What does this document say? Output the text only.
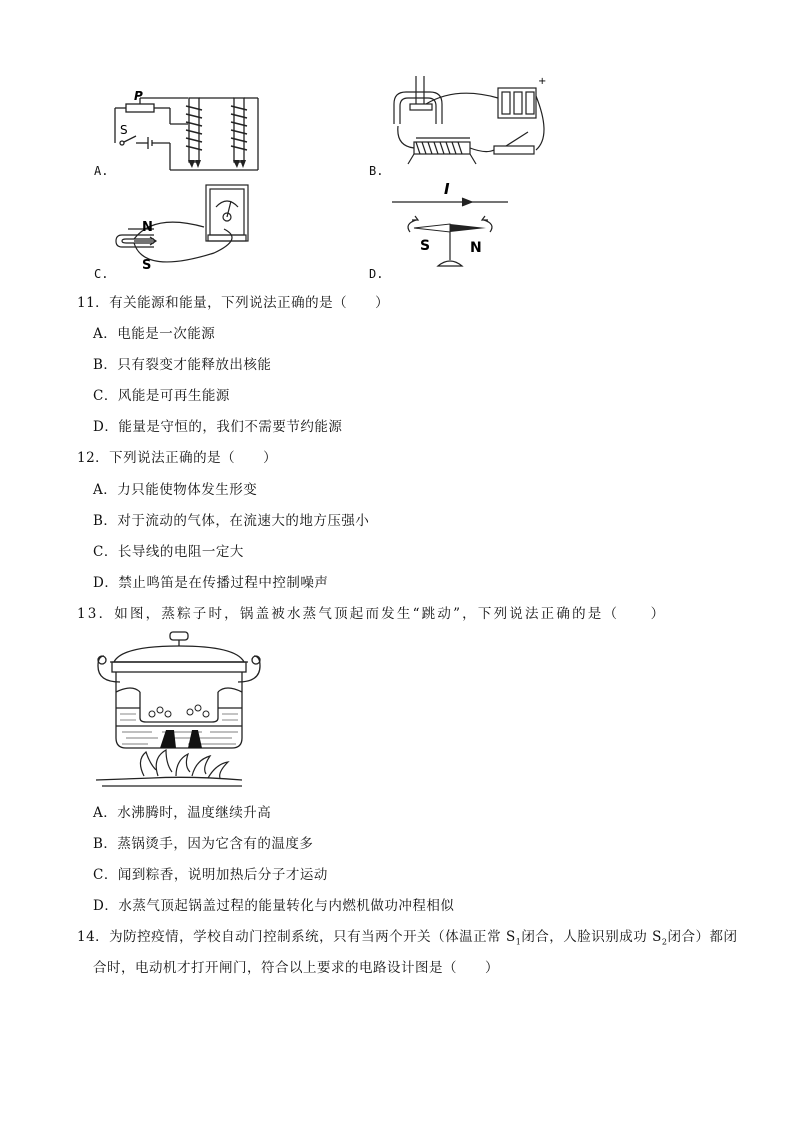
P
S
A.
+
B.
N
S
C.
I
S	N
D.
11．有关能源和能量，下列说法正确的是（　　）
A．电能是一次能源
B．只有裂变才能释放出核能
C．风能是可再生能源
D．能量是守恒的，我们不需要节约能源
12．下列说法正确的是（　　）
A．力只能使物体发生形变
B．对于流动的气体，在流速大的地方压强小
C．长导线的电阻一定大
D．禁止鸣笛是在传播过程中控制噪声
13．如图，蒸粽子时，锅盖被水蒸气顶起而发生“跳动”，下列说法正确的是（　　）
A．水沸腾时，温度继续升高
B．蒸锅烫手，因为它含有的温度多
C．闻到粽香，说明加热后分子才运动
D．水蒸气顶起锅盖过程的能量转化与内燃机做功冲程相似
14．为防控疫情，学校自动门控制系统，只有当两个开关（体温正常 $S_1$闭合，人脸识别成功 $S_2$闭合）都闭
合时，电动机才打开闸门，符合以上要求的电路设计图是（　　）
